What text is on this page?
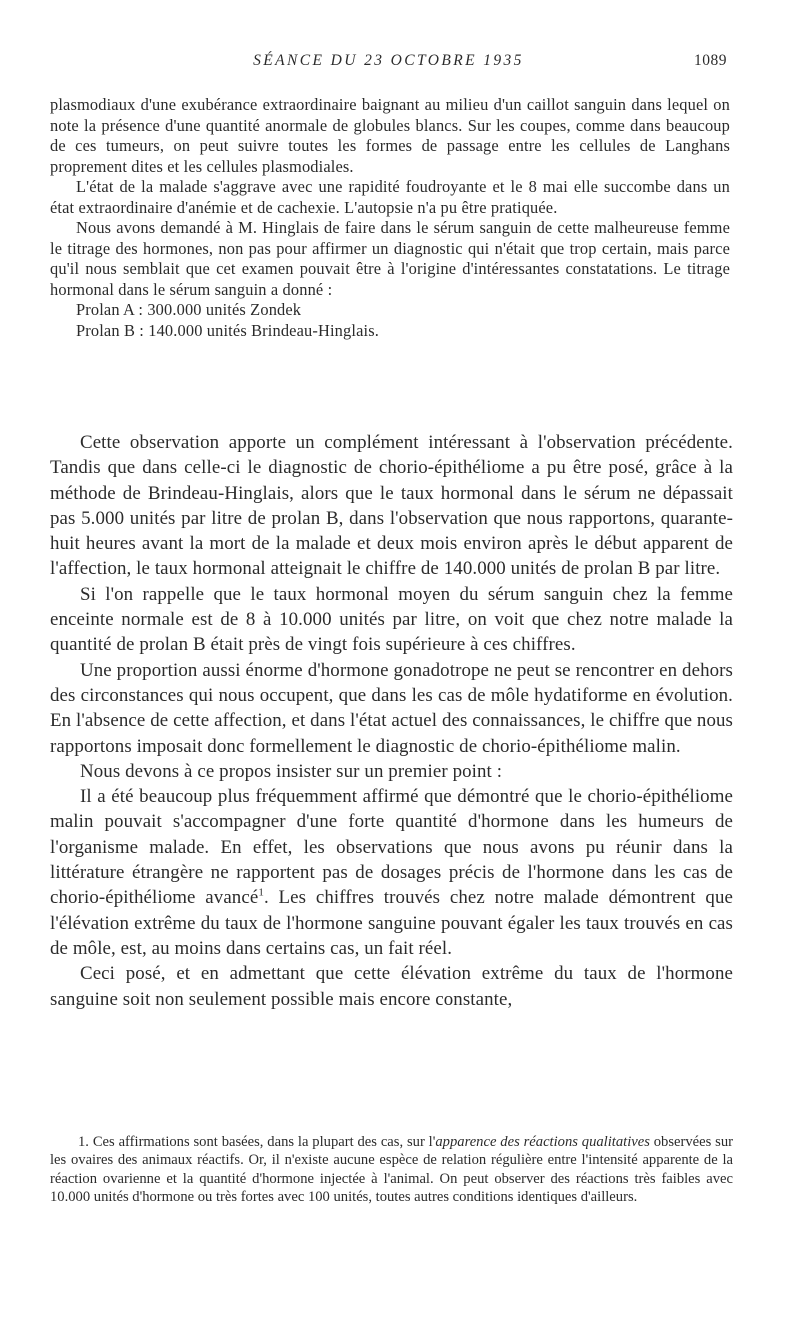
SÉANCE DU 23 OCTOBRE 1935	1089

plasmodiaux d'une exubérance extraordinaire baignant au milieu d'un caillot sanguin dans lequel on note la présence d'une quantité anormale de globules blancs. Sur les coupes, comme dans beaucoup de ces tumeurs, on peut suivre toutes les formes de passage entre les cellules de Langhans proprement dites et les cellules plasmodiales.

L'état de la malade s'aggrave avec une rapidité foudroyante et le 8 mai elle succombe dans un état extraordinaire d'anémie et de cachexie. L'autopsie n'a pu être pratiquée.

Nous avons demandé à M. Hinglais de faire dans le sérum sanguin de cette malheureuse femme le titrage des hormones, non pas pour affirmer un diagnostic qui n'était que trop certain, mais parce qu'il nous semblait que cet examen pouvait être à l'origine d'intéressantes constatations. Le titrage hormonal dans le sérum sanguin a donné :

Prolan A : 300.000 unités Zondek

Prolan B : 140.000 unités Brindeau-Hinglais.

Cette observation apporte un complément intéressant à l'observation précédente. Tandis que dans celle-ci le diagnostic de chorio-épithéliome a pu être posé, grâce à la méthode de Brindeau-Hinglais, alors que le taux hormonal dans le sérum ne dépassait pas 5.000 unités par litre de prolan B, dans l'observation que nous rapportons, quarante-huit heures avant la mort de la malade et deux mois environ après le début apparent de l'affection, le taux hormonal atteignait le chiffre de 140.000 unités de prolan B par litre.

Si l'on rappelle que le taux hormonal moyen du sérum sanguin chez la femme enceinte normale est de 8 à 10.000 unités par litre, on voit que chez notre malade la quantité de prolan B était près de vingt fois supérieure à ces chiffres.

Une proportion aussi énorme d'hormone gonadotrope ne peut se rencontrer en dehors des circonstances qui nous occupent, que dans les cas de môle hydatiforme en évolution. En l'absence de cette affection, et dans l'état actuel des connaissances, le chiffre que nous rapportons imposait donc formellement le diagnostic de chorio-épithéliome malin.

Nous devons à ce propos insister sur un premier point :

Il a été beaucoup plus fréquemment affirmé que démontré que le chorio-épithéliome malin pouvait s'accompagner d'une forte quantité d'hormone dans les humeurs de l'organisme malade. En effet, les observations que nous avons pu réunir dans la littérature étrangère ne rapportent pas de dosages précis de l'hormone dans les cas de chorio-épithéliome avancé$^1$. Les chiffres trouvés chez notre malade démontrent que l'élévation extrême du taux de l'hormone sanguine pouvant égaler les taux trouvés en cas de môle, est, au moins dans certains cas, un fait réel.

Ceci posé, et en admettant que cette élévation extrême du taux de l'hormone sanguine soit non seulement possible mais encore constante,

1. Ces affirmations sont basées, dans la plupart des cas, sur l'apparence des réactions qualitatives observées sur les ovaires des animaux réactifs. Or, il n'existe aucune espèce de relation régulière entre l'intensité apparente de la réaction ovarienne et la quantité d'hormone injectée à l'animal. On peut observer des réactions très faibles avec 10.000 unités d'hormone ou très fortes avec 100 unités, toutes autres conditions identiques d'ailleurs.
